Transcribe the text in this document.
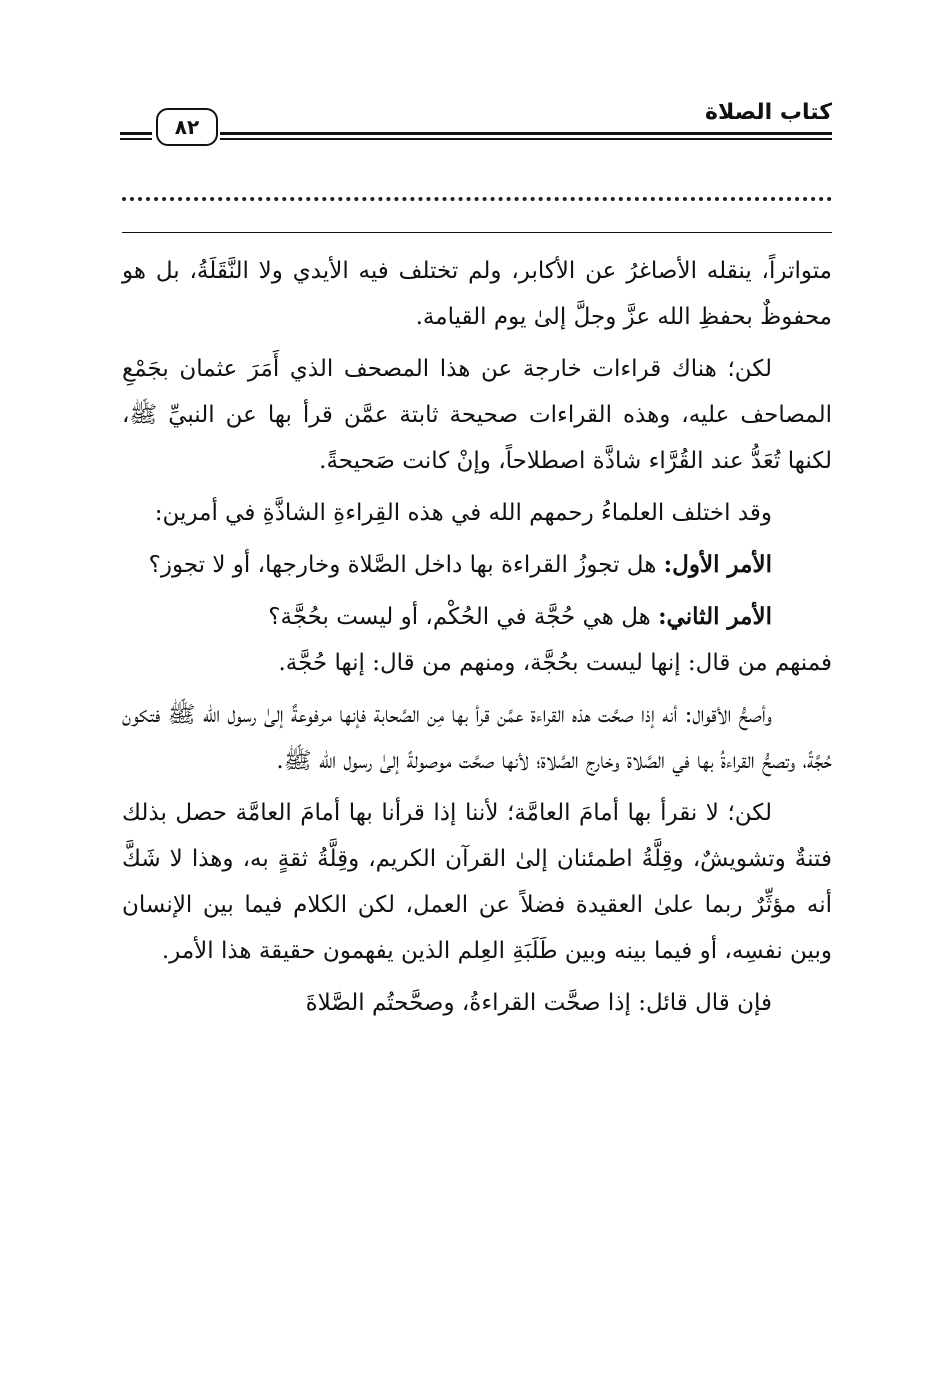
كتاب الصلاة
٨٢

متواتراً، ينقله الأصاغرُ عن الأكابر، ولم تختلف فيه الأيدي ولا النَّقَلَةُ، بل هو محفوظٌ بحفظِ الله عزَّ وجلَّ إلىٰ يوم القيامة.

لكن؛ هناك قراءات خارجة عن هذا المصحف الذي أَمَرَ عثمان بجَمْعِ المصاحف عليه، وهذه القراءات صحيحة ثابتة عمَّن قرأ بها عن النبيِّ ﷺ، لكنها تُعَدُّ عند القُرَّاء شاذَّة اصطلاحاً، وإنْ كانت صَحيحةً.

وقد اختلف العلماءُ رحمهم الله في هذه القِراءةِ الشاذَّةِ في أمرين:

الأمر الأول: هل تجوزُ القراءة بها داخل الصَّلاة وخارجها، أو لا تجوز؟

الأمر الثاني: هل هي حُجَّة في الحُكْم، أو ليست بحُجَّة؟

فمنهم من قال: إنها ليست بحُجَّة، ومنهم من قال: إنها حُجَّة.

وأصحُّ الأقوال: أنه إذا صحَّت هذه القراءة عمَّن قرأ بها مِن الصَّحابة فإنها مرفوعةٌ إلىٰ رسول الله ﷺ فتكون حُجَّةً، وتصحُّ القراءةُ بها في الصَّلاة وخارج الصَّلاة؛ لأنها صحَّت موصولةً إلىٰ رسول الله ﷺ.

لكن؛ لا نقرأ بها أمامَ العامَّة؛ لأننا إذا قرأنا بها أمامَ العامَّة حصل بذلك فتنةٌ وتشويشٌ، وقِلَّةُ اطمئنان إلىٰ القرآن الكريم، وقِلَّةُ ثقةٍ به، وهذا لا شَكَّ أنه مؤثِّرٌ ربما علىٰ العقيدة فضلاً عن العمل، لكن الكلام فيما بين الإنسان وبين نفسِه، أو فيما بينه وبين طَلَبَةِ العِلم الذين يفهمون حقيقة هذا الأمر.

فإن قال قائل: إذا صحَّت القراءةُ، وصحَّحتُم الصَّلاةَ
